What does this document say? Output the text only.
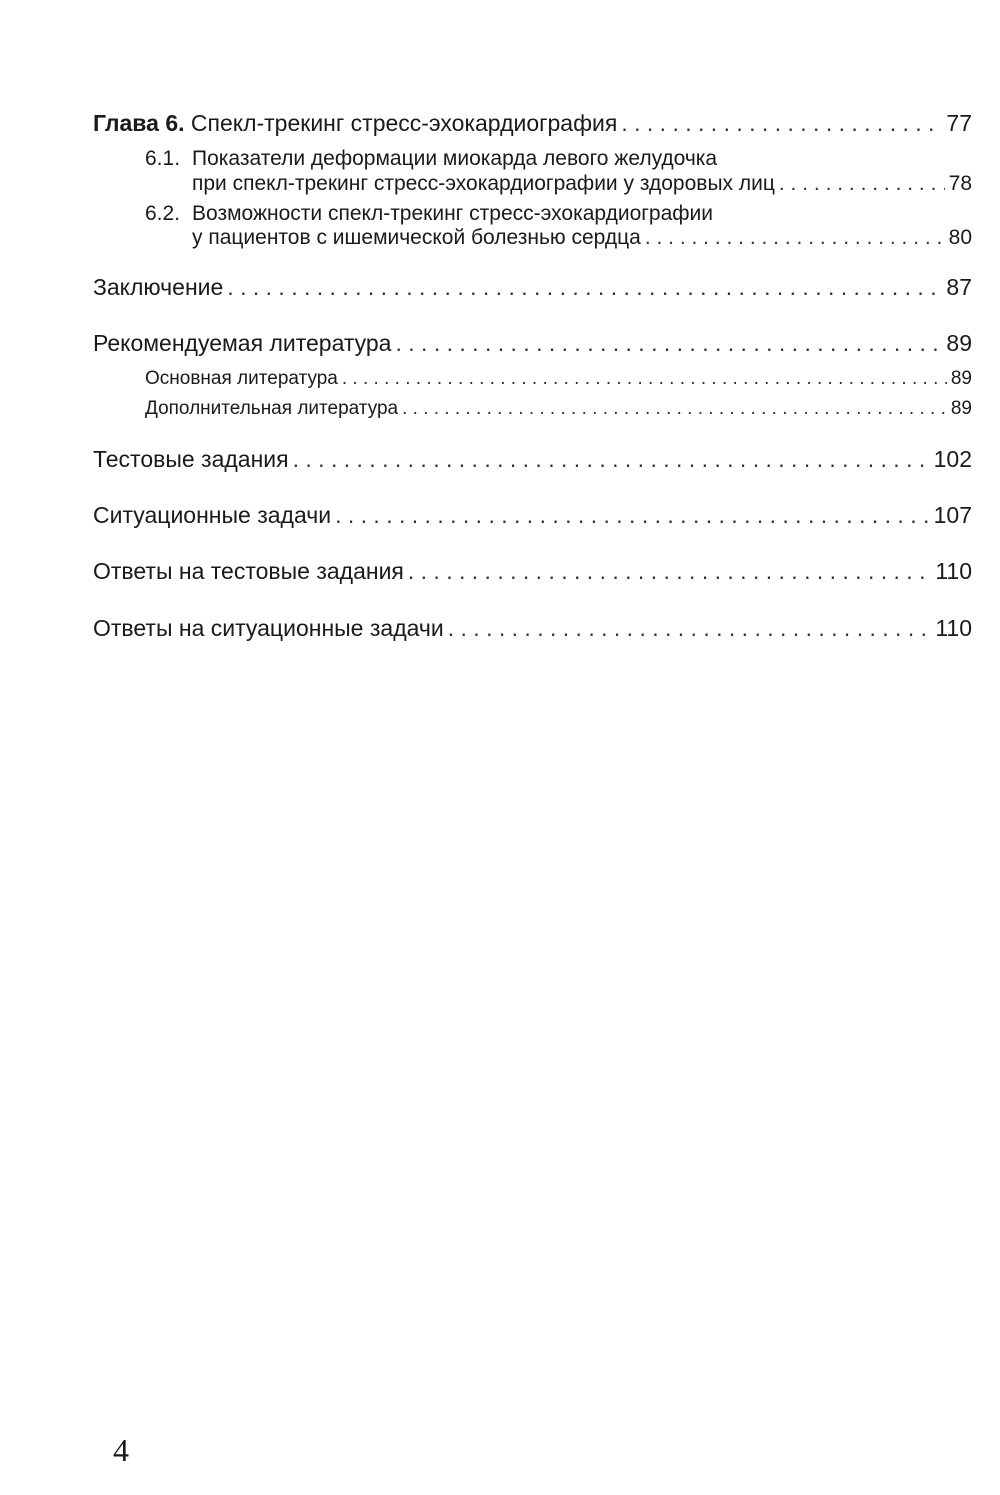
Глава 6. Спекл-трекинг стресс-эхокардиография . . .	77
6.1. Показатели деформации миокарда левого желудочка
при спекл-трекинг стресс-эхокардиографии у здоровых лиц . . .	78
6.2. Возможности спекл-трекинг стресс-эхокардиографии
у пациентов с ишемической болезнью сердца . . .	80
Заключение . . .	87
Рекомендуемая литература . . .	89
Основная литература . . .	89
Дополнительная литература . . .	89
Тестовые задания . . .	102
Ситуационные задачи . . .	107
Ответы на тестовые задания . . .	110
Ответы на ситуационные задачи . . .	110
4
